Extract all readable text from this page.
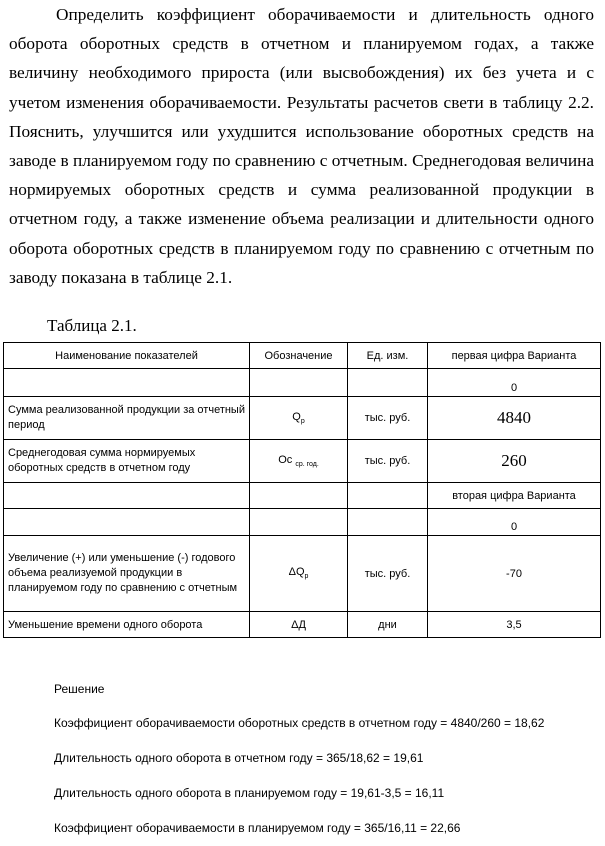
Определить коэффициент оборачиваемости и длительность одного оборота оборотных средств в отчетном и планируемом годах, а также величину необходимого прироста (или высвобождения) их без учета и с учетом изменения оборачиваемости. Результаты расчетов свети в таблицу 2.2. Пояснить, улучшится или ухудшится использование оборотных средств на заводе в планируемом году по сравнению с отчетным. Среднегодовая величина нормируемых оборотных средств и сумма реализованной продукции в отчетном году, а также изменение объема реализации и длительности одного оборота оборотных средств в планируемом году по сравнению с отчетным по заводу показана в таблице 2.1.
Таблица 2.1.
Наименование показателей	Обозначение	Ед. изм.	первая цифра Варианта
			0
Сумма реализованной продукции за отчетный период	$Q_р$	тыс. руб.	4840
Среднегодовая сумма нормируемых оборотных средств в отчетном году	Ос $_{ср. год.}$	тыс. руб.	260
			вторая цифра Варианта
			0
Увеличение (+) или уменьшение (-) годового объема реализуемой продукции в планируемом году по сравнению с отчетным	$\Delta Q_р$	тыс. руб.	-70
Уменьшение времени одного оборота	ΔД	дни	3,5
Решение
Коэффициент оборачиваемости оборотных средств в отчетном году = 4840/260 = 18,62
Длительность одного оборота в отчетном году = 365/18,62 = 19,61
Длительность одного оборота в планируемом году = 19,61-3,5 = 16,11
Коэффициент оборачиваемости в планируемом году = 365/16,11 = 22,66
